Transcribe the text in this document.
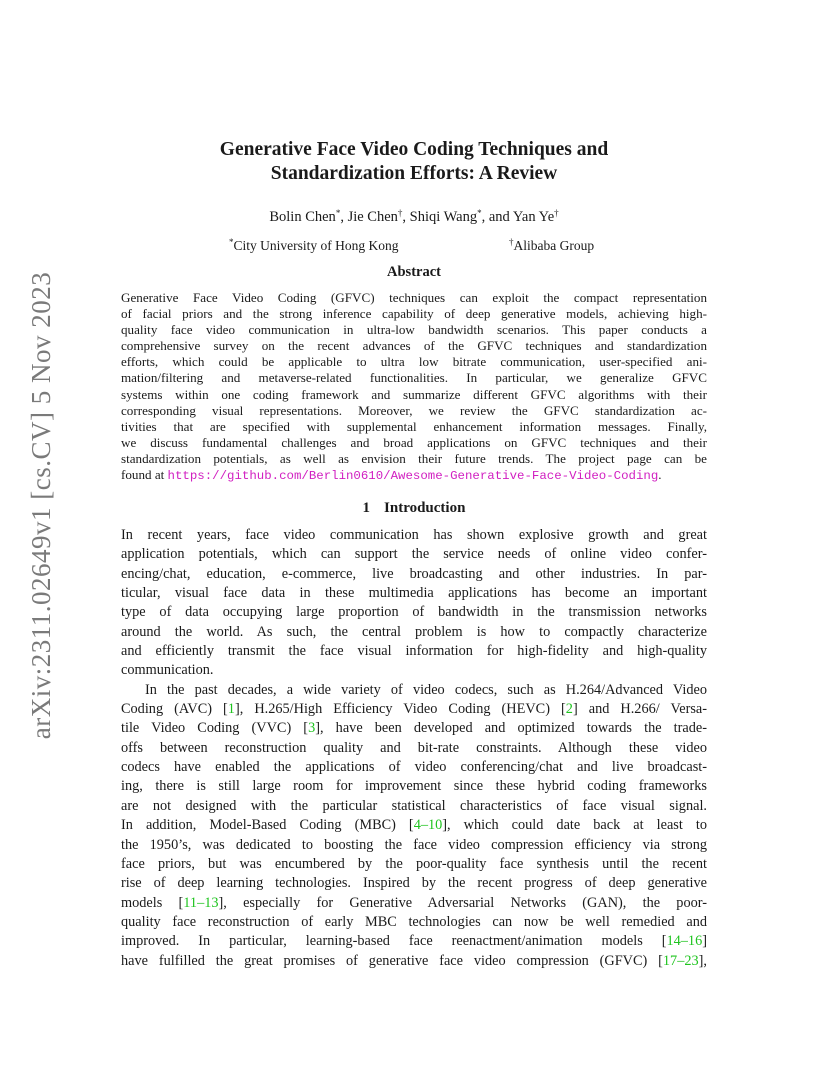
arXiv:2311.02649v1 [cs.CV] 5 Nov 2023
Generative Face Video Coding Techniques and
Standardization Efforts: A Review
Bolin Chen*, Jie Chen†, Shiqi Wang*, and Yan Ye†
*City University of Hong Kong	†Alibaba Group
Abstract
Generative Face Video Coding (GFVC) techniques can exploit the compact representation
of facial priors and the strong inference capability of deep generative models, achieving high-
quality face video communication in ultra-low bandwidth scenarios. This paper conducts a
comprehensive survey on the recent advances of the GFVC techniques and standardization
efforts, which could be applicable to ultra low bitrate communication, user-specified ani-
mation/filtering and metaverse-related functionalities. In particular, we generalize GFVC
systems within one coding framework and summarize different GFVC algorithms with their
corresponding visual representations. Moreover, we review the GFVC standardization ac-
tivities that are specified with supplemental enhancement information messages. Finally,
we discuss fundamental challenges and broad applications on GFVC techniques and their
standardization potentials, as well as envision their future trends. The project page can be
found at https://github.com/Berlin0610/Awesome-Generative-Face-Video-Coding.
1 Introduction
In recent years, face video communication has shown explosive growth and great
application potentials, which can support the service needs of online video confer-
encing/chat, education, e-commerce, live broadcasting and other industries. In par-
ticular, visual face data in these multimedia applications has become an important
type of data occupying large proportion of bandwidth in the transmission networks
around the world. As such, the central problem is how to compactly characterize
and efficiently transmit the face visual information for high-fidelity and high-quality
communication.
In the past decades, a wide variety of video codecs, such as H.264/Advanced Video
Coding (AVC) [1], H.265/High Efficiency Video Coding (HEVC) [2] and H.266/ Versa-
tile Video Coding (VVC) [3], have been developed and optimized towards the trade-
offs between reconstruction quality and bit-rate constraints. Although these video
codecs have enabled the applications of video conferencing/chat and live broadcast-
ing, there is still large room for improvement since these hybrid coding frameworks
are not designed with the particular statistical characteristics of face visual signal.
In addition, Model-Based Coding (MBC) [4–10], which could date back at least to
the 1950’s, was dedicated to boosting the face video compression efficiency via strong
face priors, but was encumbered by the poor-quality face synthesis until the recent
rise of deep learning technologies. Inspired by the recent progress of deep generative
models [11–13], especially for Generative Adversarial Networks (GAN), the poor-
quality face reconstruction of early MBC technologies can now be well remedied and
improved. In particular, learning-based face reenactment/animation models [14–16]
have fulfilled the great promises of generative face video compression (GFVC) [17–23],
